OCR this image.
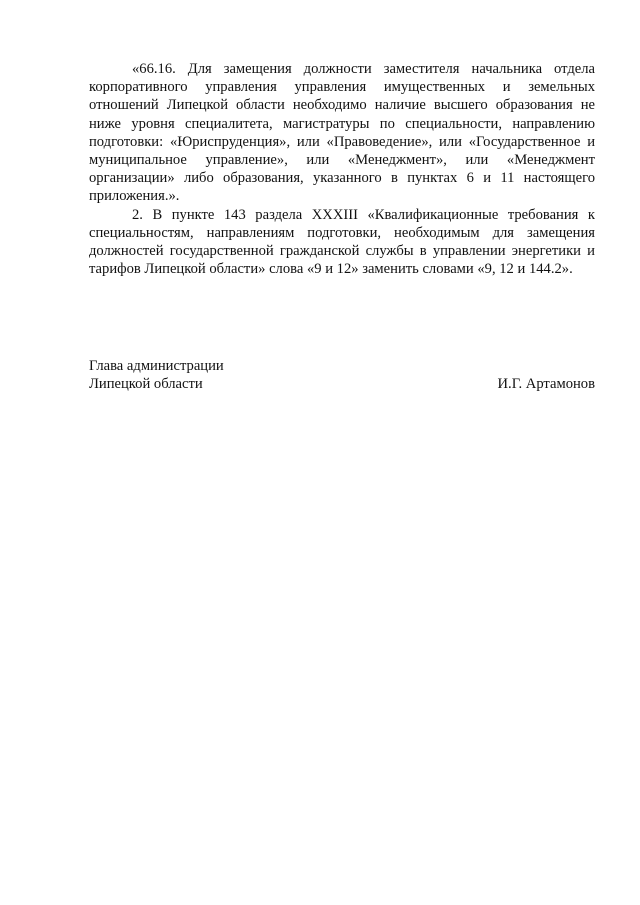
«66.16. Для замещения должности заместителя начальника отдела корпоративного управления управления имущественных и земельных отношений Липецкой области необходимо наличие высшего образования не ниже уровня специалитета, магистратуры по специальности, направлению подготовки: «Юриспруденция», или «Правоведение», или «Государственное и муниципальное управление», или «Менеджмент», или «Менеджмент организации» либо образования, указанного в пунктах 6 и 11 настоящего приложения.».

2. В пункте 143 раздела XXXIII «Квалификационные требования к специальностям, направлениям подготовки, необходимым для замещения должностей государственной гражданской службы в управлении энергетики и тарифов Липецкой области» слова «9 и 12» заменить словами «9, 12 и 144.2».

Глава администрации
Липецкой области	И.Г. Артамонов
